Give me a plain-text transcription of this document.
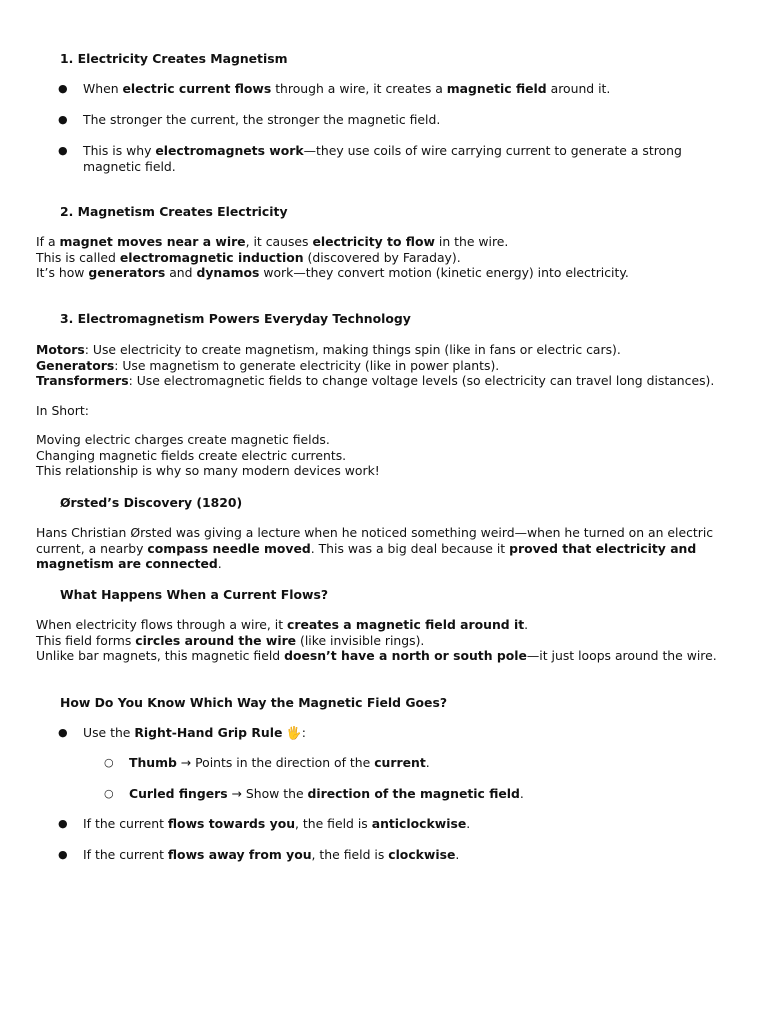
1. Electricity Creates Magnetism
● When electric current flows through a wire, it creates a magnetic field around it.
● The stronger the current, the stronger the magnetic field.
● This is why electromagnets work—they use coils of wire carrying current to generate a strong
magnetic field.
2. Magnetism Creates Electricity
If a magnet moves near a wire, it causes electricity to flow in the wire.
This is called electromagnetic induction (discovered by Faraday).
It’s how generators and dynamos work—they convert motion (kinetic energy) into electricity.
3. Electromagnetism Powers Everyday Technology
Motors: Use electricity to create magnetism, making things spin (like in fans or electric cars).
Generators: Use magnetism to generate electricity (like in power plants).
Transformers: Use electromagnetic fields to change voltage levels (so electricity can travel long distances).
In Short:
Moving electric charges create magnetic fields.
Changing magnetic fields create electric currents.
This relationship is why so many modern devices work!
Ørsted’s Discovery (1820)
Hans Christian Ørsted was giving a lecture when he noticed something weird—when he turned on an electric
current, a nearby compass needle moved. This was a big deal because it proved that electricity and
magnetism are connected.
What Happens When a Current Flows?
When electricity flows through a wire, it creates a magnetic field around it.
This field forms circles around the wire (like invisible rings).
Unlike bar magnets, this magnetic field doesn’t have a north or south pole—it just loops around the wire.
How Do You Know Which Way the Magnetic Field Goes?
● Use the Right-Hand Grip Rule 🖐:
○ Thumb → Points in the direction of the current.
○ Curled fingers → Show the direction of the magnetic field.
● If the current flows towards you, the field is anticlockwise.
● If the current flows away from you, the field is clockwise.
